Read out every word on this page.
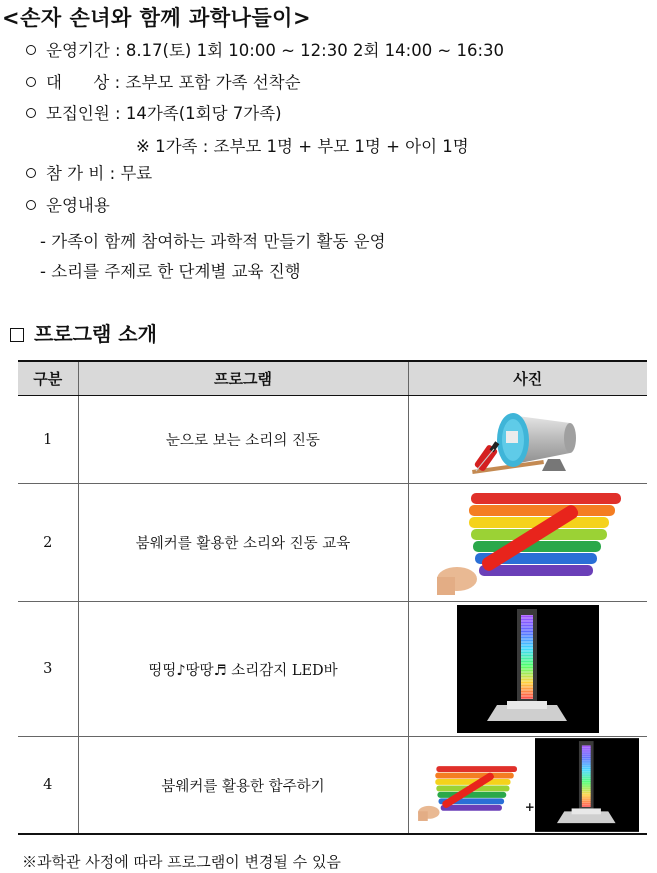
<손자 손녀와 함께 과학나들이>
운영기간 : 8.17(토) 1회 10:00 ~ 12:30 2회 14:00 ~ 16:30
대      상 : 조부모 포함 가족 선착순
모집인원 : 14가족(1회당 7가족)
※ 1가족 : 조부모 1명 + 부모 1명 + 아이 1명
참 가 비 : 무료
운영내용
- 가족이 함께 참여하는 과학적 만들기 활동 운영
- 소리를 주제로 한 단계별 교육 진행
프로그램 소개
구분	프로그램	사진
1	눈으로 보는 소리의 진동	

2	붐웨커를 활용한 소리와 진동 교육	

3	띵띵♪땅땅♬ 소리감지 LED바	

4	붐웨커를 활용한 합주하기	+
※과학관 사정에 따라 프로그램이 변경될 수 있음
